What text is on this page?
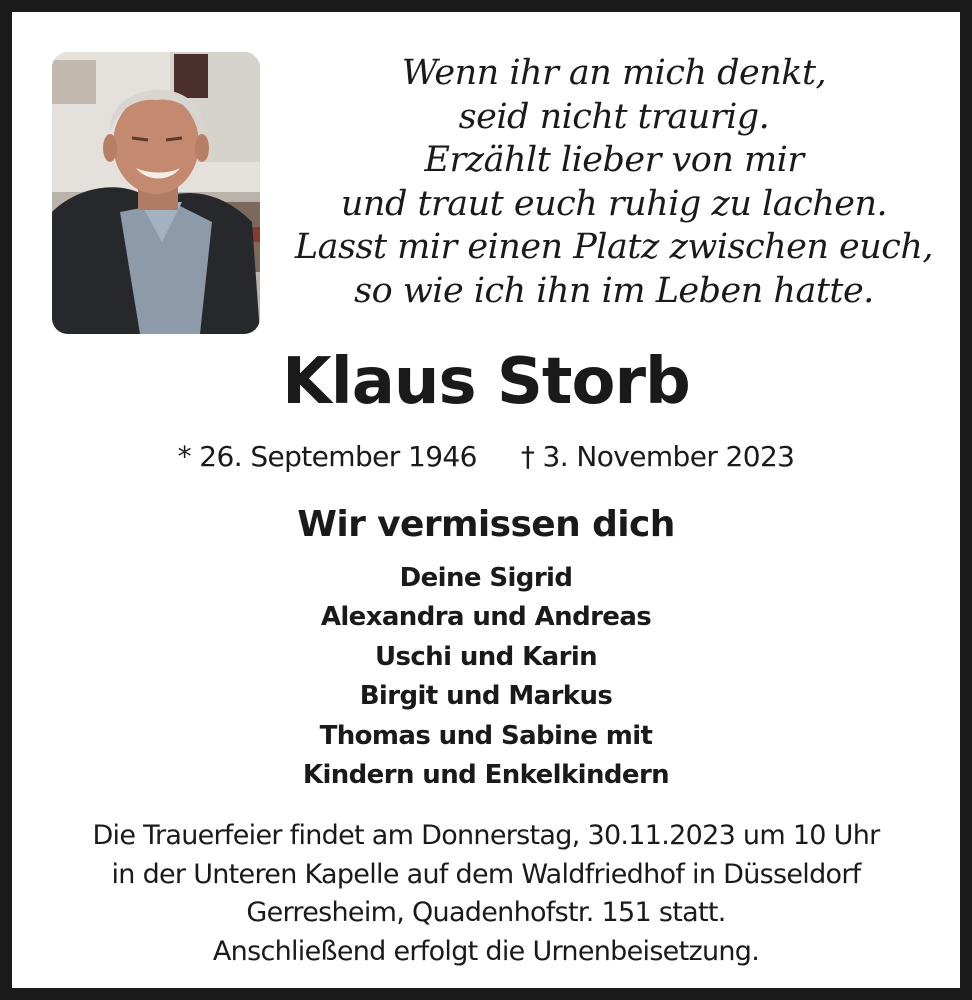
Wenn ihr an mich denkt,
seid nicht traurig.
Erzählt lieber von mir
und traut euch ruhig zu lachen.
Lasst mir einen Platz zwischen euch,
so wie ich ihn im Leben hatte.
Klaus Storb
* 26. September 1946 † 3. November 2023
Wir vermissen dich
Deine Sigrid
Alexandra und Andreas
Uschi und Karin
Birgit und Markus
Thomas und Sabine mit
Kindern und Enkelkindern
Die Trauerfeier findet am Donnerstag, 30.11.2023 um 10 Uhr
in der Unteren Kapelle auf dem Waldfriedhof in Düsseldorf
Gerresheim, Quadenhofstr. 151 statt.
Anschließend erfolgt die Urnenbeisetzung.
